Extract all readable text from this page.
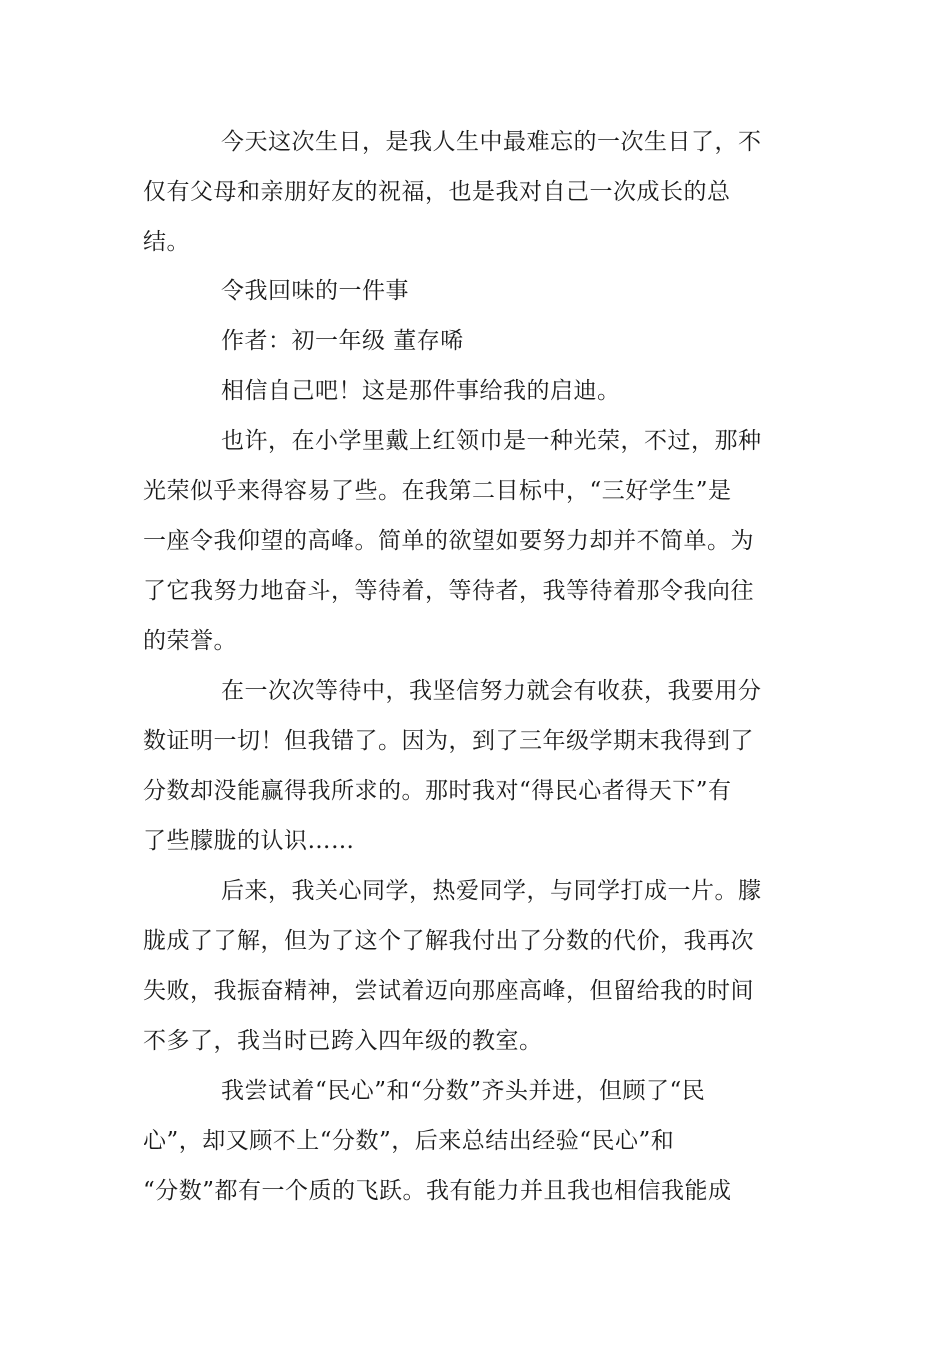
今天这次生日，是我人生中最难忘的一次生日了，不
仅有父母和亲朋好友的祝福，也是我对自己一次成长的总
结。
令我回味的一件事
作者：初一年级 董存唏
相信自己吧！这是那件事给我的启迪。
也许，在小学里戴上红领巾是一种光荣，不过，那种
光荣似乎来得容易了些。在我第二目标中，“三好学生”是
一座令我仰望的高峰。简单的欲望如要努力却并不简单。为
了它我努力地奋斗，等待着，等待者，我等待着那令我向往
的荣誉。
在一次次等待中，我坚信努力就会有收获，我要用分
数证明一切！但我错了。因为，到了三年级学期末我得到了
分数却没能赢得我所求的。那时我对“得民心者得天下”有
了些朦胧的认识……
后来，我关心同学，热爱同学，与同学打成一片。朦
胧成了了解，但为了这个了解我付出了分数的代价，我再次
失败，我振奋精神，尝试着迈向那座高峰，但留给我的时间
不多了，我当时已跨入四年级的教室。
我尝试着“民心”和“分数”齐头并进，但顾了“民
心”，却又顾不上“分数”，后来总结出经验“民心”和
“分数”都有一个质的飞跃。我有能力并且我也相信我能成
